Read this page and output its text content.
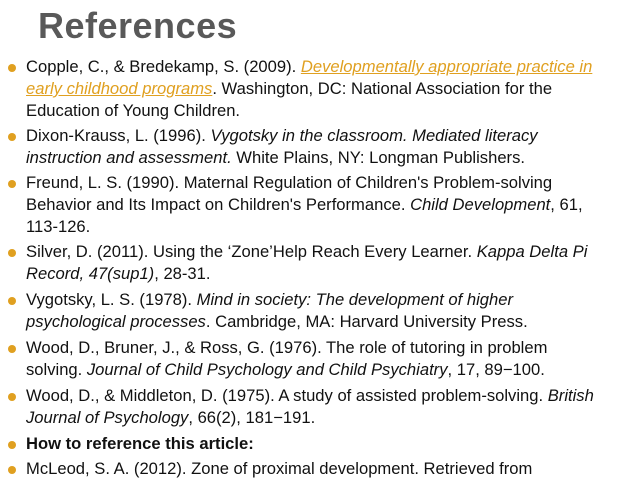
References
Copple, C., & Bredekamp, S. (2009). Developmentally appropriate practice in
early childhood programs. Washington, DC: National Association for the
Education of Young Children.
Dixon-Krauss, L. (1996). Vygotsky in the classroom. Mediated literacy
instruction and assessment. White Plains, NY: Longman Publishers.
Freund, L. S. (1990). Maternal Regulation of Children's Problem-solving
Behavior and Its Impact on Children's Performance. Child Development, 61,
113-126.
Silver, D. (2011). Using the ‘Zone’Help Reach Every Learner. Kappa Delta Pi
Record, 47(sup1), 28-31.
Vygotsky, L. S. (1978). Mind in society: The development of higher
psychological processes. Cambridge, MA: Harvard University Press.
Wood, D., Bruner, J., & Ross, G. (1976). The role of tutoring in problem
solving. Journal of Child Psychology and Child Psychiatry, 17, 89−100.
Wood, D., & Middleton, D. (1975). A study of assisted problem-solving. British
Journal of Psychology, 66(2), 181−191.
How to reference this article:
McLeod, S. A. (2012). Zone of proximal development. Retrieved from
